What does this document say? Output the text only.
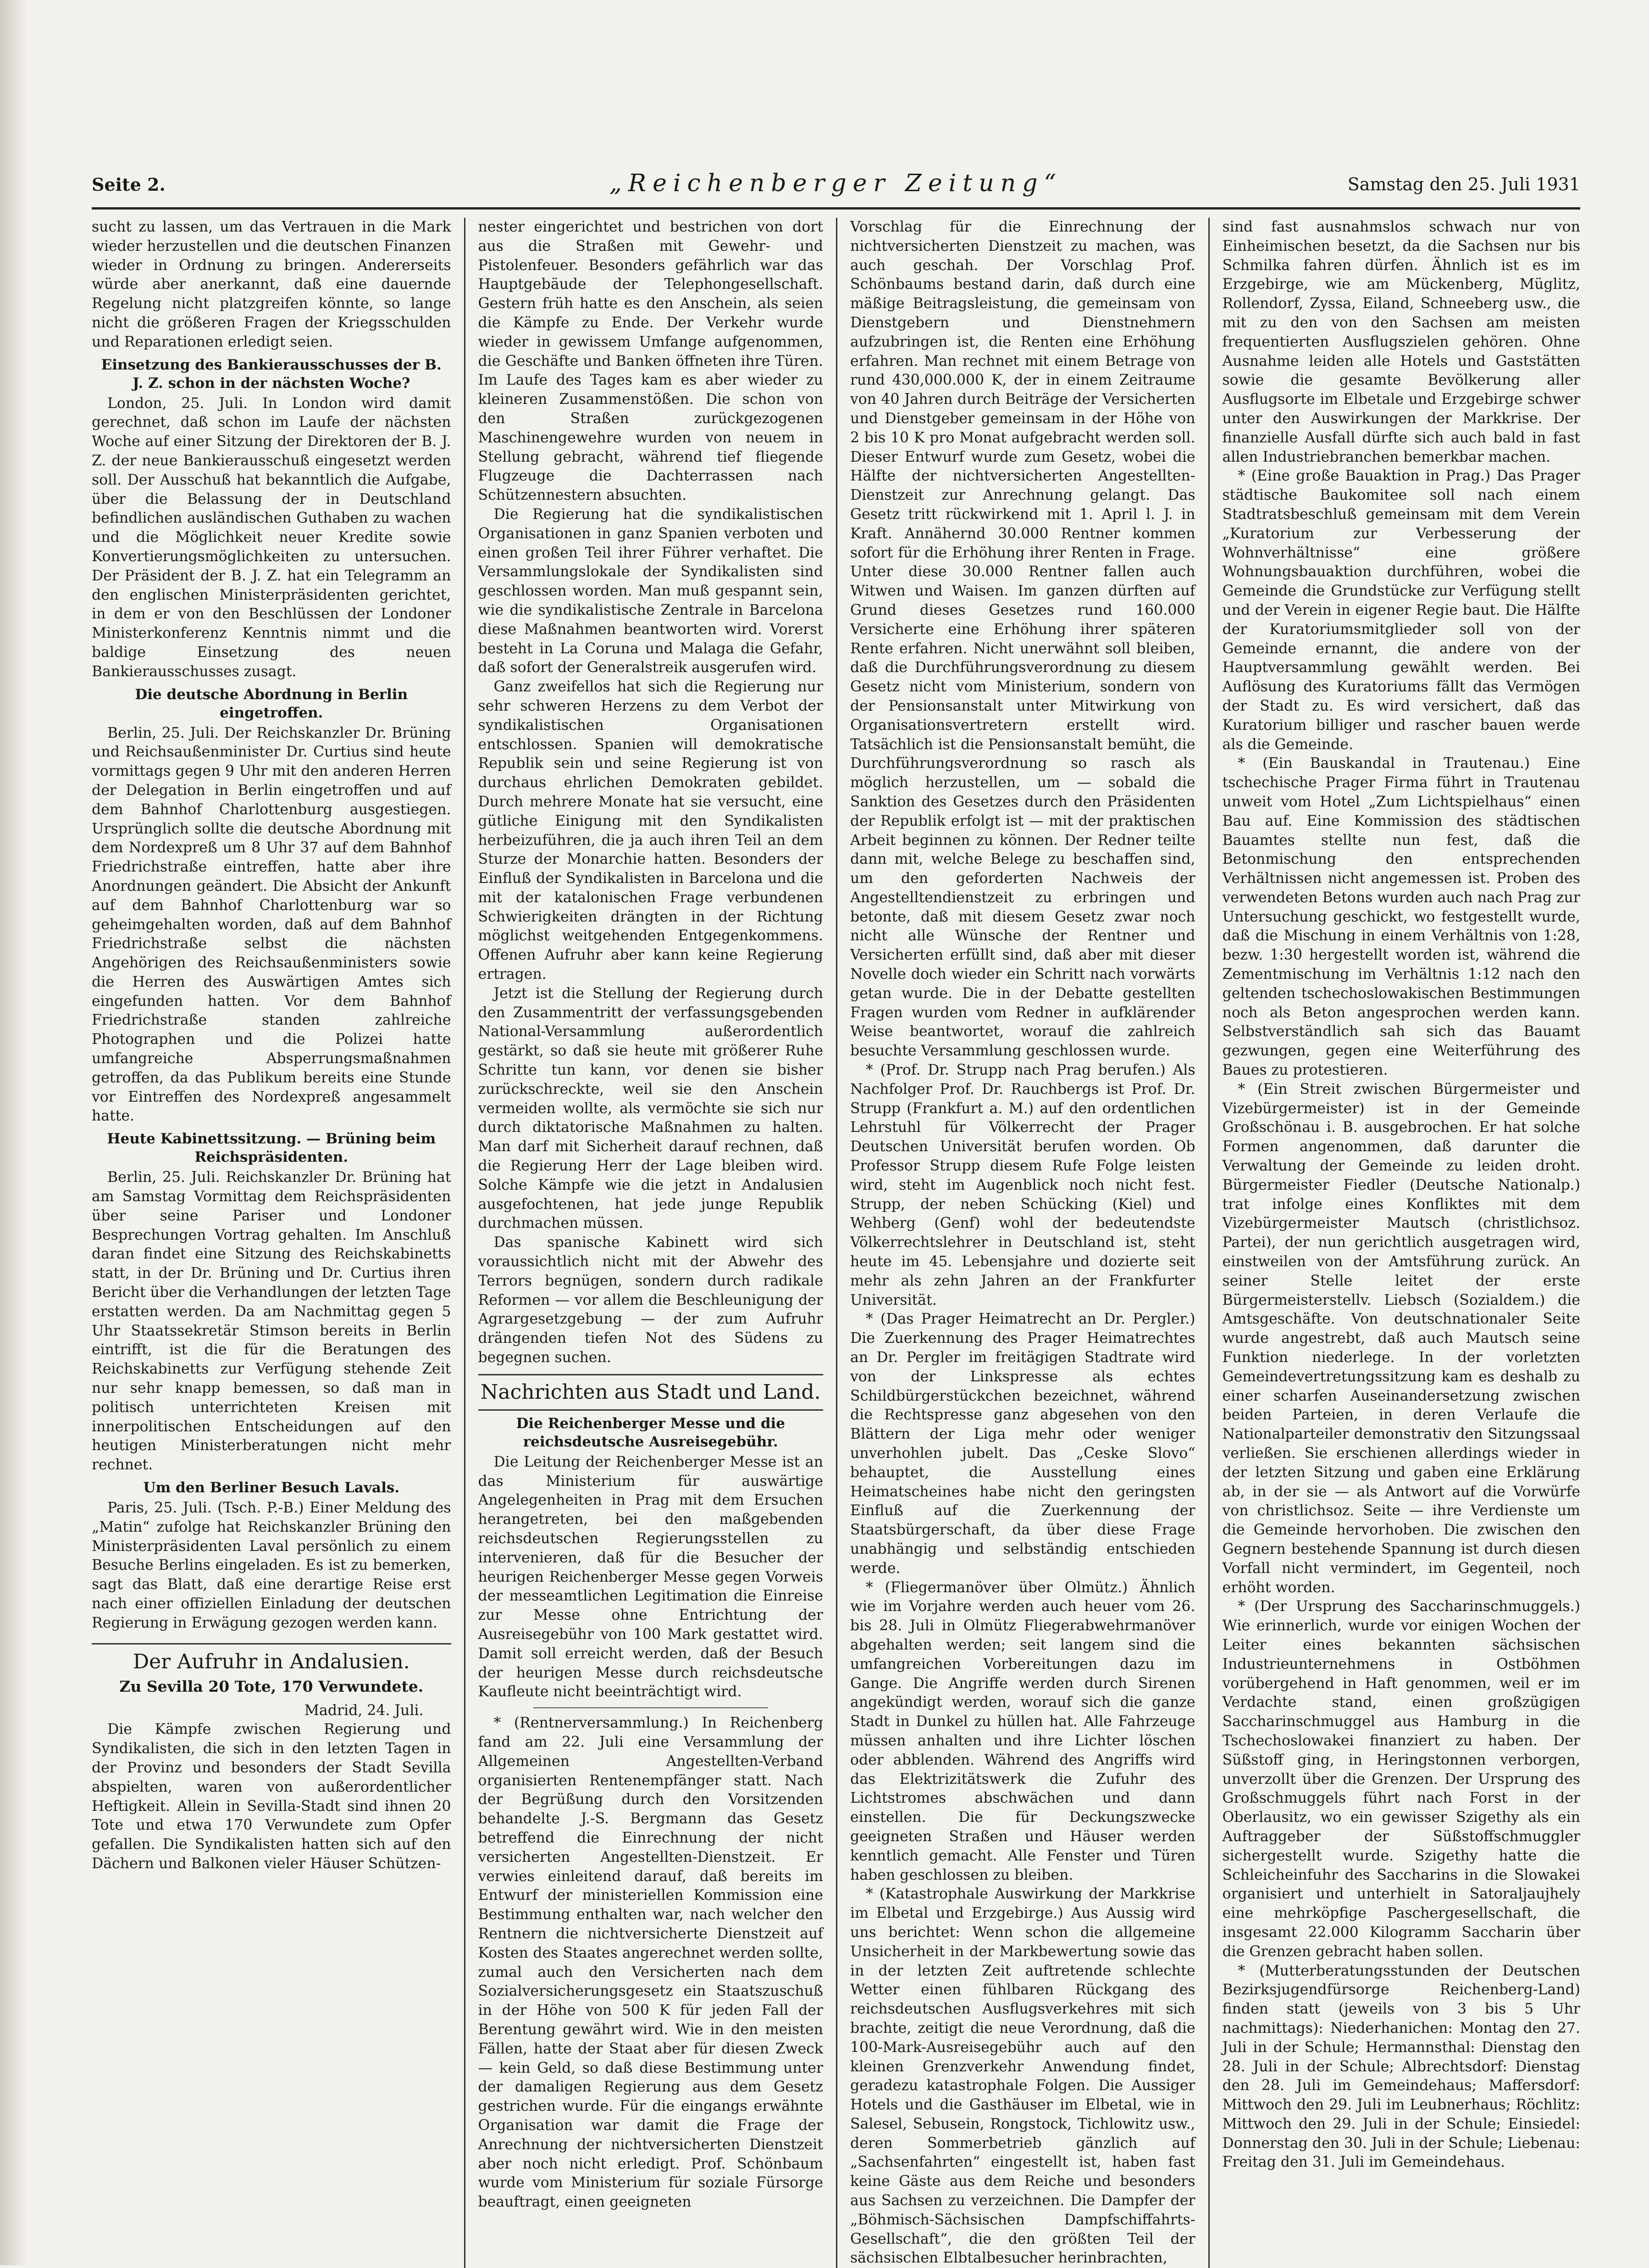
Seite 2.	„Reichenberger Zeitung“	Samstag den 25. Juli 1931

sucht zu lassen, um das Vertrauen in die Mark wieder herzustellen und die deutschen Finanzen wieder in Ordnung zu bringen. Andererseits würde aber anerkannt, daß eine dauernde Regelung nicht platzgreifen könnte, so lange nicht die größeren Fragen der Kriegsschulden und Reparationen erledigt seien.

Einsetzung des Bankierausschusses der B. J. Z. schon in der nächsten Woche?

London, 25. Juli. In London wird damit gerechnet, daß schon im Laufe der nächsten Woche auf einer Sitzung der Direktoren der B. J. Z. der neue Bankierausschuß eingesetzt werden soll. Der Ausschuß hat bekanntlich die Aufgabe, über die Belassung der in Deutschland befindlichen ausländischen Guthaben zu wachen und die Möglichkeit neuer Kredite sowie Konvertierungsmöglichkeiten zu untersuchen. Der Präsident der B. J. Z. hat ein Telegramm an den englischen Ministerpräsidenten gerichtet, in dem er von den Beschlüssen der Londoner Ministerkonferenz Kenntnis nimmt und die baldige Einsetzung des neuen Bankierausschusses zusagt.

Die deutsche Abordnung in Berlin eingetroffen.

Berlin, 25. Juli. Der Reichskanzler Dr. Brüning und Reichsaußenminister Dr. Curtius sind heute vormittags gegen 9 Uhr mit den anderen Herren der Delegation in Berlin eingetroffen und auf dem Bahnhof Charlottenburg ausgestiegen. Ursprünglich sollte die deutsche Abordnung mit dem Nordexpreß um 8 Uhr 37 auf dem Bahnhof Friedrichstraße eintreffen, hatte aber ihre Anordnungen geändert. Die Absicht der Ankunft auf dem Bahnhof Charlottenburg war so geheimgehalten worden, daß auf dem Bahnhof Friedrichstraße selbst die nächsten Angehörigen des Reichsaußenministers sowie die Herren des Auswärtigen Amtes sich eingefunden hatten. Vor dem Bahnhof Friedrichstraße standen zahlreiche Photographen und die Polizei hatte umfangreiche Absperrungsmaßnahmen getroffen, da das Publikum bereits eine Stunde vor Eintreffen des Nordexpreß angesammelt hatte.

Heute Kabinettssitzung. — Brüning beim Reichspräsidenten.

Berlin, 25. Juli. Reichskanzler Dr. Brüning hat am Samstag Vormittag dem Reichspräsidenten über seine Pariser und Londoner Besprechungen Vortrag gehalten. Im Anschluß daran findet eine Sitzung des Reichskabinetts statt, in der Dr. Brüning und Dr. Curtius ihren Bericht über die Verhandlungen der letzten Tage erstatten werden. Da am Nachmittag gegen 5 Uhr Staatssekretär Stimson bereits in Berlin eintrifft, ist die für die Beratungen des Reichskabinetts zur Verfügung stehende Zeit nur sehr knapp bemessen, so daß man in politisch unterrichteten Kreisen mit innerpolitischen Entscheidungen auf den heutigen Ministerberatungen nicht mehr rechnet.

Um den Berliner Besuch Lavals.

Paris, 25. Juli. (Tsch. P.-B.) Einer Meldung des „Matin“ zufolge hat Reichskanzler Brüning den Ministerpräsidenten Laval persönlich zu einem Besuche Berlins eingeladen. Es ist zu bemerken, sagt das Blatt, daß eine derartige Reise erst nach einer offiziellen Einladung der deutschen Regierung in Erwägung gezogen werden kann.

Der Aufruhr in Andalusien.
Zu Sevilla 20 Tote, 170 Verwundete.

Madrid, 24. Juli.

Die Kämpfe zwischen Regierung und Syndikalisten, die sich in den letzten Tagen in der Provinz und besonders der Stadt Sevilla abspielten, waren von außerordentlicher Heftigkeit. Allein in Sevilla-Stadt sind ihnen 20 Tote und etwa 170 Verwundete zum Opfer gefallen. Die Syndikalisten hatten sich auf den Dächern und Balkonen vieler Häuser Schützen-

nester eingerichtet und bestrichen von dort aus die Straßen mit Gewehr- und Pistolenfeuer. Besonders gefährlich war das Hauptgebäude der Telephongesellschaft. Gestern früh hatte es den Anschein, als seien die Kämpfe zu Ende. Der Verkehr wurde wieder in gewissem Umfange aufgenommen, die Geschäfte und Banken öffneten ihre Türen. Im Laufe des Tages kam es aber wieder zu kleineren Zusammenstößen. Die schon von den Straßen zurückgezogenen Maschinengewehre wurden von neuem in Stellung gebracht, während tief fliegende Flugzeuge die Dachterrassen nach Schützennestern absuchten.

Die Regierung hat die syndikalistischen Organisationen in ganz Spanien verboten und einen großen Teil ihrer Führer verhaftet. Die Versammlungslokale der Syndikalisten sind geschlossen worden. Man muß gespannt sein, wie die syndikalistische Zentrale in Barcelona diese Maßnahmen beantworten wird. Vorerst besteht in La Coruna und Malaga die Gefahr, daß sofort der Generalstreik ausgerufen wird.

Ganz zweifellos hat sich die Regierung nur sehr schweren Herzens zu dem Verbot der syndikalistischen Organisationen entschlossen. Spanien will demokratische Republik sein und seine Regierung ist von durchaus ehrlichen Demokraten gebildet. Durch mehrere Monate hat sie versucht, eine gütliche Einigung mit den Syndikalisten herbeizuführen, die ja auch ihren Teil an dem Sturze der Monarchie hatten. Besonders der Einfluß der Syndikalisten in Barcelona und die mit der katalonischen Frage verbundenen Schwierigkeiten drängten in der Richtung möglichst weitgehenden Entgegenkommens. Offenen Aufruhr aber kann keine Regierung ertragen.

Jetzt ist die Stellung der Regierung durch den Zusammentritt der verfassungsgebenden National-Versammlung außerordentlich gestärkt, so daß sie heute mit größerer Ruhe Schritte tun kann, vor denen sie bisher zurückschreckte, weil sie den Anschein vermeiden wollte, als vermöchte sie sich nur durch diktatorische Maßnahmen zu halten. Man darf mit Sicherheit darauf rechnen, daß die Regierung Herr der Lage bleiben wird. Solche Kämpfe wie die jetzt in Andalusien ausgefochtenen, hat jede junge Republik durchmachen müssen.

Das spanische Kabinett wird sich voraussichtlich nicht mit der Abwehr des Terrors begnügen, sondern durch radikale Reformen — vor allem die Beschleunigung der Agrargesetzgebung — der zum Aufruhr drängenden tiefen Not des Südens zu begegnen suchen.

Nachrichten aus Stadt und Land.
Die Reichenberger Messe und die reichsdeutsche Ausreisegebühr.

Die Leitung der Reichenberger Messe ist an das Ministerium für auswärtige Angelegenheiten in Prag mit dem Ersuchen herangetreten, bei den maßgebenden reichsdeutschen Regierungsstellen zu intervenieren, daß für die Besucher der heurigen Reichenberger Messe gegen Vorweis der messeamtlichen Legitimation die Einreise zur Messe ohne Entrichtung der Ausreisegebühr von 100 Mark gestattet wird. Damit soll erreicht werden, daß der Besuch der heurigen Messe durch reichsdeutsche Kaufleute nicht beeinträchtigt wird.

* (Rentnerversammlung.) In Reichenberg fand am 22. Juli eine Versammlung der Allgemeinen Angestellten-Verband organisierten Rentenempfänger statt. Nach der Begrüßung durch den Vorsitzenden behandelte J.-S. Bergmann das Gesetz betreffend die Einrechnung der nicht versicherten Angestellten-Dienstzeit. Er verwies einleitend darauf, daß bereits im Entwurf der ministeriellen Kommission eine Bestimmung enthalten war, nach welcher den Rentnern die nichtversicherte Dienstzeit auf Kosten des Staates angerechnet werden sollte, zumal auch den Versicherten nach dem Sozialversicherungsgesetz ein Staatszuschuß in der Höhe von 500 K für jeden Fall der Berentung gewährt wird. Wie in den meisten Fällen, hatte der Staat aber für diesen Zweck — kein Geld, so daß diese Bestimmung unter der damaligen Regierung aus dem Gesetz gestrichen wurde. Für die eingangs erwähnte Organisation war damit die Frage der Anrechnung der nichtversicherten Dienstzeit aber noch nicht erledigt. Prof. Schönbaum wurde vom Ministerium für soziale Fürsorge beauftragt, einen geeigneten

Vorschlag für die Einrechnung der nichtversicherten Dienstzeit zu machen, was auch geschah. Der Vorschlag Prof. Schönbaums bestand darin, daß durch eine mäßige Beitragsleistung, die gemeinsam von Dienstgebern und Dienstnehmern aufzubringen ist, die Renten eine Erhöhung erfahren. Man rechnet mit einem Betrage von rund 430,000.000 K, der in einem Zeitraume von 40 Jahren durch Beiträge der Versicherten und Dienstgeber gemeinsam in der Höhe von 2 bis 10 K pro Monat aufgebracht werden soll. Dieser Entwurf wurde zum Gesetz, wobei die Hälfte der nichtversicherten Angestellten-Dienstzeit zur Anrechnung gelangt. Das Gesetz tritt rückwirkend mit 1. April l. J. in Kraft. Annähernd 30.000 Rentner kommen sofort für die Erhöhung ihrer Renten in Frage. Unter diese 30.000 Rentner fallen auch Witwen und Waisen. Im ganzen dürften auf Grund dieses Gesetzes rund 160.000 Versicherte eine Erhöhung ihrer späteren Rente erfahren. Nicht unerwähnt soll bleiben, daß die Durchführungsverordnung zu diesem Gesetz nicht vom Ministerium, sondern von der Pensionsanstalt unter Mitwirkung von Organisationsvertretern erstellt wird. Tatsächlich ist die Pensionsanstalt bemüht, die Durchführungsverordnung so rasch als möglich herzustellen, um — sobald die Sanktion des Gesetzes durch den Präsidenten der Republik erfolgt ist — mit der praktischen Arbeit beginnen zu können. Der Redner teilte dann mit, welche Belege zu beschaffen sind, um den geforderten Nachweis der Angestelltendienstzeit zu erbringen und betonte, daß mit diesem Gesetz zwar noch nicht alle Wünsche der Rentner und Versicherten erfüllt sind, daß aber mit dieser Novelle doch wieder ein Schritt nach vorwärts getan wurde. Die in der Debatte gestellten Fragen wurden vom Redner in aufklärender Weise beantwortet, worauf die zahlreich besuchte Versammlung geschlossen wurde.

* (Prof. Dr. Strupp nach Prag berufen.) Als Nachfolger Prof. Dr. Rauchbergs ist Prof. Dr. Strupp (Frankfurt a. M.) auf den ordentlichen Lehrstuhl für Völkerrecht der Prager Deutschen Universität berufen worden. Ob Professor Strupp diesem Rufe Folge leisten wird, steht im Augenblick noch nicht fest. Strupp, der neben Schücking (Kiel) und Wehberg (Genf) wohl der bedeutendste Völkerrechtslehrer in Deutschland ist, steht heute im 45. Lebensjahre und dozierte seit mehr als zehn Jahren an der Frankfurter Universität.

* (Das Prager Heimatrecht an Dr. Pergler.) Die Zuerkennung des Prager Heimatrechtes an Dr. Pergler im freitägigen Stadtrate wird von der Linkspresse als echtes Schildbürgerstückchen bezeichnet, während die Rechtspresse ganz abgesehen von den Blättern der Liga mehr oder weniger unverhohlen jubelt. Das „Ceske Slovo“ behauptet, die Ausstellung eines Heimatscheines habe nicht den geringsten Einfluß auf die Zuerkennung der Staatsbürgerschaft, da über diese Frage unabhängig und selbständig entschieden werde.

* (Fliegermanöver über Olmütz.) Ähnlich wie im Vorjahre werden auch heuer vom 26. bis 28. Juli in Olmütz Fliegerabwehrmanöver abgehalten werden; seit langem sind die umfangreichen Vorbereitungen dazu im Gange. Die Angriffe werden durch Sirenen angekündigt werden, worauf sich die ganze Stadt in Dunkel zu hüllen hat. Alle Fahrzeuge müssen anhalten und ihre Lichter löschen oder abblenden. Während des Angriffs wird das Elektrizitätswerk die Zufuhr des Lichtstromes abschwächen und dann einstellen. Die für Deckungszwecke geeigneten Straßen und Häuser werden kenntlich gemacht. Alle Fenster und Türen haben geschlossen zu bleiben.

* (Katastrophale Auswirkung der Markkrise im Elbetal und Erzgebirge.) Aus Aussig wird uns berichtet: Wenn schon die allgemeine Unsicherheit in der Markbewertung sowie das in der letzten Zeit auftretende schlechte Wetter einen fühlbaren Rückgang des reichsdeutschen Ausflugsverkehres mit sich brachte, zeitigt die neue Verordnung, daß die 100-Mark-Ausreisegebühr auch auf den kleinen Grenzverkehr Anwendung findet, geradezu katastrophale Folgen. Die Aussiger Hotels und die Gasthäuser im Elbetal, wie in Salesel, Sebusein, Rongstock, Tichlowitz usw., deren Sommerbetrieb gänzlich auf „Sachsenfahrten“ eingestellt ist, haben fast keine Gäste aus dem Reiche und besonders aus Sachsen zu verzeichnen. Die Dampfer der „Böhmisch-Sächsischen Dampfschiffahrts-Gesellschaft“, die den größten Teil der sächsischen Elbtalbesucher herinbrachten,

sind fast ausnahmslos schwach nur von Einheimischen besetzt, da die Sachsen nur bis Schmilka fahren dürfen. Ähnlich ist es im Erzgebirge, wie am Mückenberg, Müglitz, Rollendorf, Zyssa, Eiland, Schneeberg usw., die mit zu den von den Sachsen am meisten frequentierten Ausflugszielen gehören. Ohne Ausnahme leiden alle Hotels und Gaststätten sowie die gesamte Bevölkerung aller Ausflugsorte im Elbetale und Erzgebirge schwer unter den Auswirkungen der Markkrise. Der finanzielle Ausfall dürfte sich auch bald in fast allen Industriebranchen bemerkbar machen.

* (Eine große Bauaktion in Prag.) Das Prager städtische Baukomitee soll nach einem Stadtratsbeschluß gemeinsam mit dem Verein „Kuratorium zur Verbesserung der Wohnverhältnisse“ eine größere Wohnungsbauaktion durchführen, wobei die Gemeinde die Grundstücke zur Verfügung stellt und der Verein in eigener Regie baut. Die Hälfte der Kuratoriumsmitglieder soll von der Gemeinde ernannt, die andere von der Hauptversammlung gewählt werden. Bei Auflösung des Kuratoriums fällt das Vermögen der Stadt zu. Es wird versichert, daß das Kuratorium billiger und rascher bauen werde als die Gemeinde.

* (Ein Bauskandal in Trautenau.) Eine tschechische Prager Firma führt in Trautenau unweit vom Hotel „Zum Lichtspielhaus“ einen Bau auf. Eine Kommission des städtischen Bauamtes stellte nun fest, daß die Betonmischung den entsprechenden Verhältnissen nicht angemessen ist. Proben des verwendeten Betons wurden auch nach Prag zur Untersuchung geschickt, wo festgestellt wurde, daß die Mischung in einem Verhältnis von 1:28, bezw. 1:30 hergestellt worden ist, während die Zementmischung im Verhältnis 1:12 nach den geltenden tschechoslowakischen Bestimmungen noch als Beton angesprochen werden kann. Selbstverständlich sah sich das Bauamt gezwungen, gegen eine Weiterführung des Baues zu protestieren.

* (Ein Streit zwischen Bürgermeister und Vizebürgermeister) ist in der Gemeinde Großschönau i. B. ausgebrochen. Er hat solche Formen angenommen, daß darunter die Verwaltung der Gemeinde zu leiden droht. Bürgermeister Fiedler (Deutsche Nationalp.) trat infolge eines Konfliktes mit dem Vizebürgermeister Mautsch (christlichsoz. Partei), der nun gerichtlich ausgetragen wird, einstweilen von der Amtsführung zurück. An seiner Stelle leitet der erste Bürgermeisterstellv. Liebsch (Sozialdem.) die Amtsgeschäfte. Von deutschnationaler Seite wurde angestrebt, daß auch Mautsch seine Funktion niederlege. In der vorletzten Gemeindevertretungssitzung kam es deshalb zu einer scharfen Auseinandersetzung zwischen beiden Parteien, in deren Verlaufe die Nationalparteiler demonstrativ den Sitzungssaal verließen. Sie erschienen allerdings wieder in der letzten Sitzung und gaben eine Erklärung ab, in der sie — als Antwort auf die Vorwürfe von christlichsoz. Seite — ihre Verdienste um die Gemeinde hervorhoben. Die zwischen den Gegnern bestehende Spannung ist durch diesen Vorfall nicht vermindert, im Gegenteil, noch erhöht worden.

* (Der Ursprung des Saccharinschmuggels.) Wie erinnerlich, wurde vor einigen Wochen der Leiter eines bekannten sächsischen Industrieunternehmens in Ostböhmen vorübergehend in Haft genommen, weil er im Verdachte stand, einen großzügigen Saccharinschmuggel aus Hamburg in die Tschechoslowakei finanziert zu haben. Der Süßstoff ging, in Heringstonnen verborgen, unverzollt über die Grenzen. Der Ursprung des Großschmuggels führt nach Forst in der Oberlausitz, wo ein gewisser Szigethy als ein Auftraggeber der Süßstoffschmuggler sichergestellt wurde. Szigethy hatte die Schleichеinfuhr des Saccharins in die Slowakei organisiert und unterhielt in Satoraljaujhely eine mehrköpfige Paschergesellschaft, die insgesamt 22.000 Kilogramm Saccharin über die Grenzen gebracht haben sollen.

* (Mutterberatungsstunden der Deutschen Bezirksjugendfürsorge Reichenberg-Land) finden statt (jeweils von 3 bis 5 Uhr nachmittags): Niederhanichen: Montag den 27. Juli in der Schule; Hermannsthal: Dienstag den 28. Juli in der Schule; Albrechtsdorf: Dienstag den 28. Juli im Gemeindehaus; Maffersdorf: Mittwoch den 29. Juli im Leubnerhaus; Röchlitz: Mittwoch den 29. Juli in der Schule; Einsiedel: Donnerstag den 30. Juli in der Schule; Liebenau: Freitag den 31. Juli im Gemeindehaus.
